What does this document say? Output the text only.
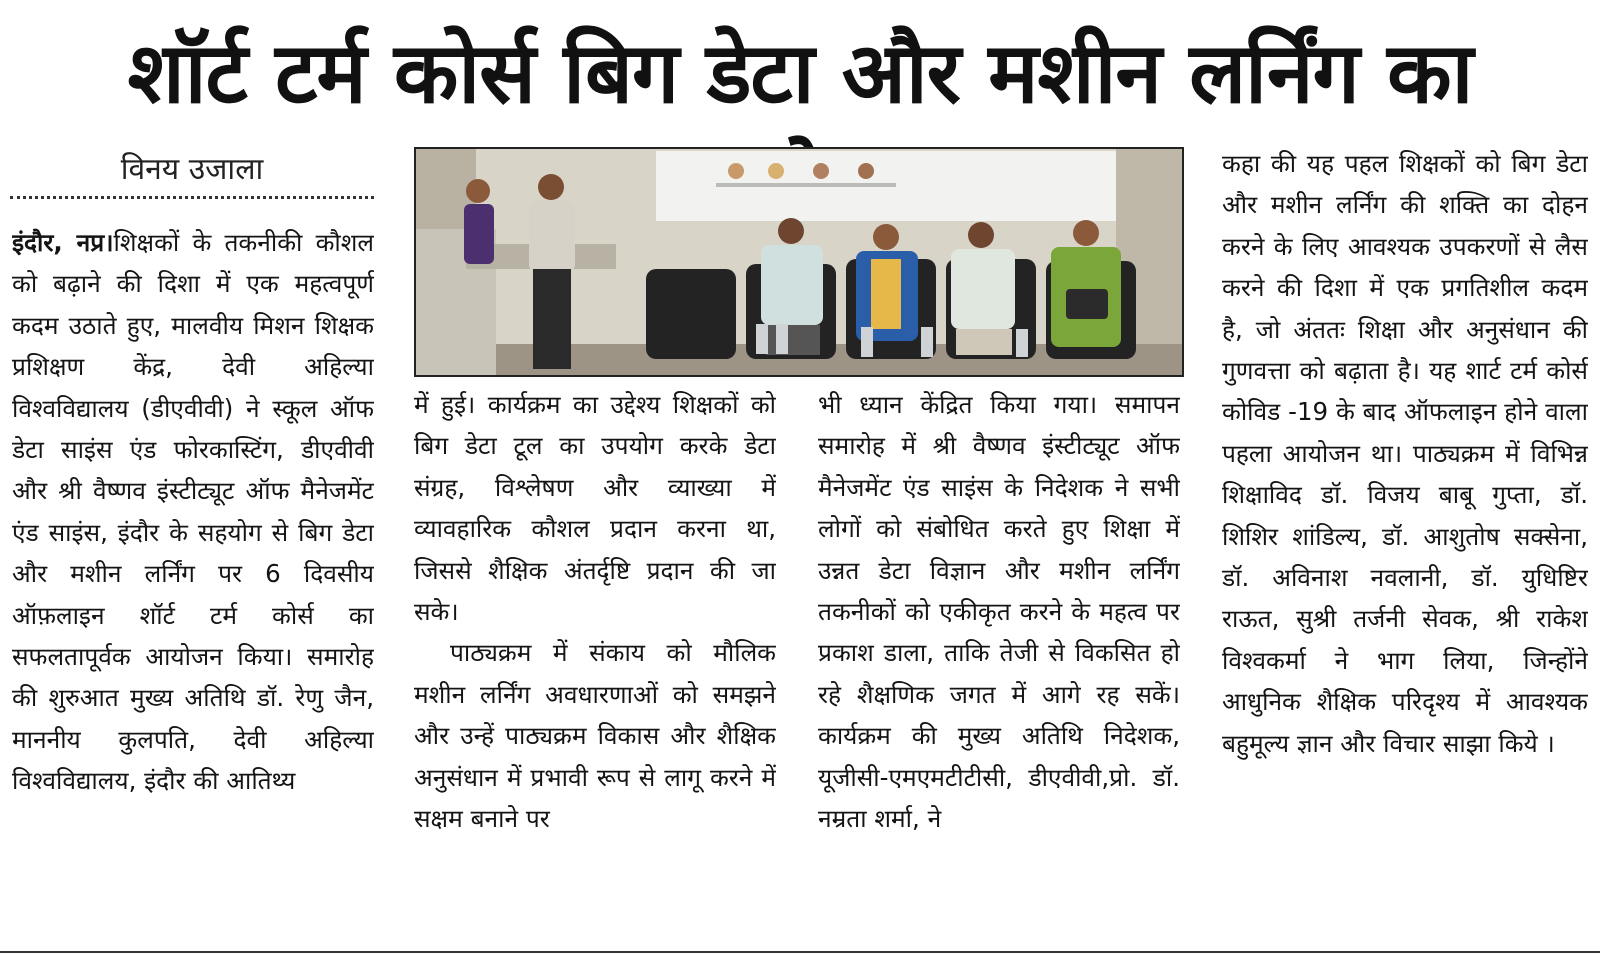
शॉर्ट टर्म कोर्स बिग डेटा और मशीन लर्निंग का
विनय उजाला

इंदौर, नप्र।शिक्षकों के तकनीकी कौशल को बढ़ाने की दिशा में एक महत्वपूर्ण कदम उठाते हुए, मालवीय मिशन शिक्षक प्रशिक्षण केंद्र, देवी अहिल्या विश्वविद्यालय (डीएवीवी) ने स्कूल ऑफ डेटा साइंस एंड फोरकास्टिंग, डीएवीवी और श्री वैष्णव इंस्टीट्यूट ऑफ मैनेजमेंट एंड साइंस, इंदौर के सहयोग से बिग डेटा और मशीन लर्निंग पर 6 दिवसीय ऑफ़लाइन शॉर्ट टर्म कोर्स का सफलतापूर्वक आयोजन किया। समारोह की शुरुआत मुख्य अतिथि डॉ. रेणु जैन, माननीय कुलपति, देवी अहिल्या विश्वविद्यालय, इंदौर की आतिथ्य

में हुई। कार्यक्रम का उद्देश्य शिक्षकों को बिग डेटा टूल का उपयोग करके डेटा संग्रह, विश्लेषण और व्याख्या में व्यावहारिक कौशल प्रदान करना था, जिससे शैक्षिक अंतर्दृष्टि प्रदान की जा सके।

पाठ्यक्रम में संकाय को मौलिक मशीन लर्निंग अवधारणाओं को समझने और उन्हें पाठ्यक्रम विकास और शैक्षिक अनुसंधान में प्रभावी रूप से लागू करने में सक्षम बनाने पर

भी ध्यान केंद्रित किया गया। समापन समारोह में श्री वैष्णव इंस्टीट्यूट ऑफ मैनेजमेंट एंड साइंस के निदेशक ने सभी लोगों को संबोधित करते हुए शिक्षा में उन्नत डेटा विज्ञान और मशीन लर्निंग तकनीकों को एकीकृत करने के महत्व पर प्रकाश डाला, ताकि तेजी से विकसित हो रहे शैक्षणिक जगत में आगे रह सकें। कार्यक्रम की मुख्य अतिथि निदेशक, यूजीसी-एमएमटीटीसी, डीएवीवी,प्रो. डॉ. नम्रता शर्मा, ने

कहा की यह पहल शिक्षकों को बिग डेटा और मशीन लर्निंग की शक्ति का दोहन करने के लिए आवश्यक उपकरणों से लैस करने की दिशा में एक प्रगतिशील कदम है, जो अंततः शिक्षा और अनुसंधान की गुणवत्ता को बढ़ाता है। यह शार्ट टर्म कोर्स कोविड -19 के बाद ऑफलाइन होने वाला पहला आयोजन था। पाठ्यक्रम में विभिन्न शिक्षाविद डॉ. विजय बाबू गुप्ता, डॉ. शिशिर शांडिल्य, डॉ. आशुतोष सक्सेना, डॉ. अविनाश नवलानी, डॉ. युधिष्टिर राऊत, सुश्री तर्जनी सेवक, श्री राकेश विश्वकर्मा ने भाग लिया, जिन्होंने आधुनिक शैक्षिक परिदृश्य में आवश्यक बहुमूल्य ज्ञान और विचार साझा किये ।
